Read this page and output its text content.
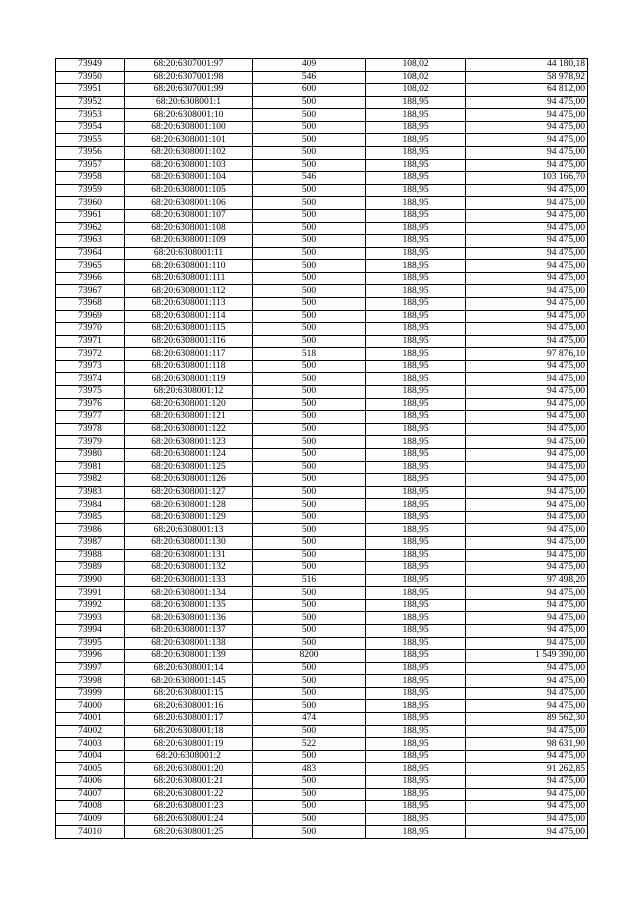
73949	68:20:6307001:97	409	108,02	44 180,18
73950	68:20:6307001:98	546	108,02	58 978,92
73951	68:20:6307001:99	600	108,02	64 812,00
73952	68:20:6308001:1	500	188,95	94 475,00
73953	68:20:6308001:10	500	188,95	94 475,00
73954	68:20:6308001:100	500	188,95	94 475,00
73955	68:20:6308001:101	500	188,95	94 475,00
73956	68:20:6308001:102	500	188,95	94 475,00
73957	68:20:6308001:103	500	188,95	94 475,00
73958	68:20:6308001:104	546	188,95	103 166,70
73959	68:20:6308001:105	500	188,95	94 475,00
73960	68:20:6308001:106	500	188,95	94 475,00
73961	68:20:6308001:107	500	188,95	94 475,00
73962	68:20:6308001:108	500	188,95	94 475,00
73963	68:20:6308001:109	500	188,95	94 475,00
73964	68:20:6308001:11	500	188,95	94 475,00
73965	68:20:6308001:110	500	188,95	94 475,00
73966	68:20:6308001:111	500	188,95	94 475,00
73967	68:20:6308001:112	500	188,95	94 475,00
73968	68:20:6308001:113	500	188,95	94 475,00
73969	68:20:6308001:114	500	188,95	94 475,00
73970	68:20:6308001:115	500	188,95	94 475,00
73971	68:20:6308001:116	500	188,95	94 475,00
73972	68:20:6308001:117	518	188,95	97 876,10
73973	68:20:6308001:118	500	188,95	94 475,00
73974	68:20:6308001:119	500	188,95	94 475,00
73975	68:20:6308001:12	500	188,95	94 475,00
73976	68:20:6308001:120	500	188,95	94 475,00
73977	68:20:6308001:121	500	188,95	94 475,00
73978	68:20:6308001:122	500	188,95	94 475,00
73979	68:20:6308001:123	500	188,95	94 475,00
73980	68:20:6308001:124	500	188,95	94 475,00
73981	68:20:6308001:125	500	188,95	94 475,00
73982	68:20:6308001:126	500	188,95	94 475,00
73983	68:20:6308001:127	500	188,95	94 475,00
73984	68:20:6308001:128	500	188,95	94 475,00
73985	68:20:6308001:129	500	188,95	94 475,00
73986	68:20:6308001:13	500	188,95	94 475,00
73987	68:20:6308001:130	500	188,95	94 475,00
73988	68:20:6308001:131	500	188,95	94 475,00
73989	68:20:6308001:132	500	188,95	94 475,00
73990	68:20:6308001:133	516	188,95	97 498,20
73991	68:20:6308001:134	500	188,95	94 475,00
73992	68:20:6308001:135	500	188,95	94 475,00
73993	68:20:6308001:136	500	188,95	94 475,00
73994	68:20:6308001:137	500	188,95	94 475,00
73995	68:20:6308001:138	500	188,95	94 475,00
73996	68:20:6308001:139	8200	188,95	1 549 390,00
73997	68:20:6308001:14	500	188,95	94 475,00
73998	68:20:6308001:145	500	188,95	94 475,00
73999	68:20:6308001:15	500	188,95	94 475,00
74000	68:20:6308001:16	500	188,95	94 475,00
74001	68:20:6308001:17	474	188,95	89 562,30
74002	68:20:6308001:18	500	188,95	94 475,00
74003	68:20:6308001:19	522	188,95	98 631,90
74004	68:20:6308001:2	500	188,95	94 475,00
74005	68:20:6308001:20	483	188,95	91 262,85
74006	68:20:6308001:21	500	188,95	94 475,00
74007	68:20:6308001:22	500	188,95	94 475,00
74008	68:20:6308001:23	500	188,95	94 475,00
74009	68:20:6308001:24	500	188,95	94 475,00
74010	68:20:6308001:25	500	188,95	94 475,00
